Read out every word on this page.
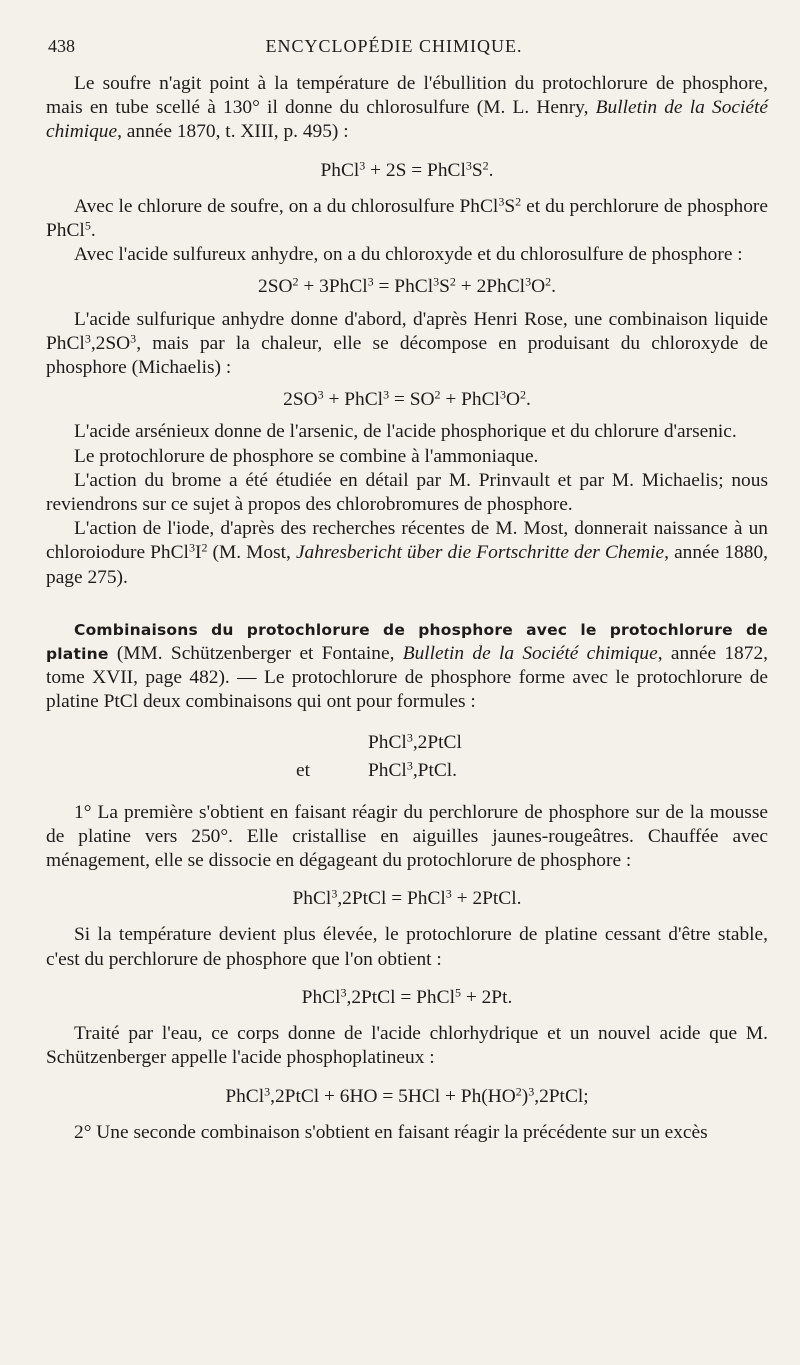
438	ENCYCLOPÉDIE CHIMIQUE.

Le soufre n'agit point à la température de l'ébullition du protochlorure de phosphore, mais en tube scellé à 130° il donne du chlorosulfure (M. L. Henry, Bulletin de la Société chimique, année 1870, t. XIII, p. 495) :

PhCl$^3$ + $2S = PhCl^3S^2$.

Avec le chlorure de soufre, on a du chlorosulfure $PhCl^3S^2$ et du perchlorure de phosphore PhCl$^5$.

Avec l'acide sulfureux anhydre, on a du chloroxyde et du chlorosulfure de phosphore :

$2SO^2$ + 3PhCl$^3$ = $PhCl^3S^2$ + $2PhCl^3O^2$.

L'acide sulfurique anhydre donne d'abord, d'après Henri Rose, une combinaison liquide $PhCl^3,2SO^3$, mais par la chaleur, elle se décompose en produisant du chloroxyde de phosphore (Michaelis) :

$2SO^3$ + PhCl$^3$ = $SO^2$ + $PhCl^3O^2$.

L'acide arsénieux donne de l'arsenic, de l'acide phosphorique et du chlorure d'arsenic.

Le protochlorure de phosphore se combine à l'ammoniaque.

L'action du brome a été étudiée en détail par M. Prinvault et par M. Michaelis; nous reviendrons sur ce sujet à propos des chlorobromures de phosphore.

L'action de l'iode, d'après des recherches récentes de M. Most, donnerait naissance à un chloroiodure $PhCl^3I^2$ (M. Most, Jahresbericht über die Fortschritte der Chemie, année 1880, page 275).

Combinaisons du protochlorure de phosphore avec le protochlorure de platine (MM. Schützenberger et Fontaine, Bulletin de la Société chimique, année 1872, tome XVII, page 482). — Le protochlorure de phosphore forme avec le protochlorure de platine PtCl deux combinaisons qui ont pour formules :

PhCl$^3$,2PtCl
et	PhCl$^3$,PtCl.

1° La première s'obtient en faisant réagir du perchlorure de phosphore sur de la mousse de platine vers 250°. Elle cristallise en aiguilles jaunes-rougeâtres. Chauffée avec ménagement, elle se dissocie en dégageant du protochlorure de phosphore :

PhCl$^3$,2PtCl = PhCl$^3$ + 2PtCl.

Si la température devient plus élevée, le protochlorure de platine cessant d'être stable, c'est du perchlorure de phosphore que l'on obtient :

PhCl$^3$,2PtCl = PhCl$^5$ + 2Pt.

Traité par l'eau, ce corps donne de l'acide chlorhydrique et un nouvel acide que M. Schützenberger appelle l'acide phosphoplatineux :

PhCl$^3$,2PtCl + $6HO = 5HCl + Ph(HO^2)^3,2PtCl$;

2° Une seconde combinaison s'obtient en faisant réagir la précédente sur un excès
